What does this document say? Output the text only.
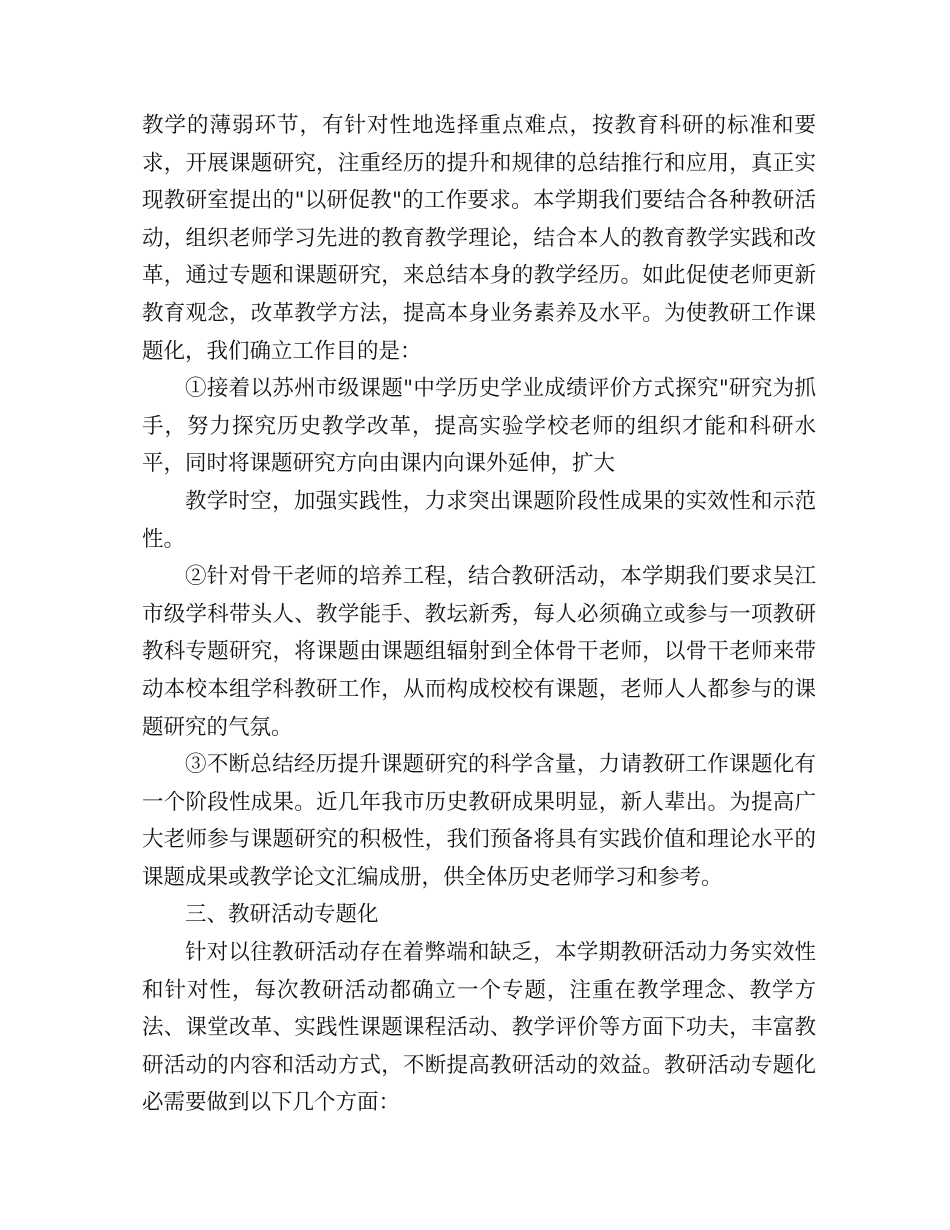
教学的薄弱环节，有针对性地选择重点难点，按教育科研的标准和要求，开展课题研究，注重经历的提升和规律的总结推行和应用，真正实现教研室提出的"以研促教"的工作要求。本学期我们要结合各种教研活动，组织老师学习先进的教育教学理论，结合本人的教育教学实践和改革，通过专题和课题研究，来总结本身的教学经历。如此促使老师更新教育观念，改革教学方法，提高本身业务素养及水平。为使教研工作课题化，我们确立工作目的是：

①接着以苏州市级课题"中学历史学业成绩评价方式探究"研究为抓手，努力探究历史教学改革，提高实验学校老师的组织才能和科研水平，同时将课题研究方向由课内向课外延伸，扩大

教学时空，加强实践性，力求突出课题阶段性成果的实效性和示范性。

②针对骨干老师的培养工程，结合教研活动，本学期我们要求吴江市级学科带头人、教学能手、教坛新秀，每人必须确立或参与一项教研教科专题研究，将课题由课题组辐射到全体骨干老师，以骨干老师来带动本校本组学科教研工作，从而构成校校有课题，老师人人都参与的课题研究的气氛。

③不断总结经历提升课题研究的科学含量，力请教研工作课题化有一个阶段性成果。近几年我市历史教研成果明显，新人辈出。为提高广大老师参与课题研究的积极性，我们预备将具有实践价值和理论水平的课题成果或教学论文汇编成册，供全体历史老师学习和参考。

三、教研活动专题化

针对以往教研活动存在着弊端和缺乏，本学期教研活动力务实效性和针对性，每次教研活动都确立一个专题，注重在教学理念、教学方法、课堂改革、实践性课题课程活动、教学评价等方面下功夫，丰富教研活动的内容和活动方式，不断提高教研活动的效益。教研活动专题化必需要做到以下几个方面：
